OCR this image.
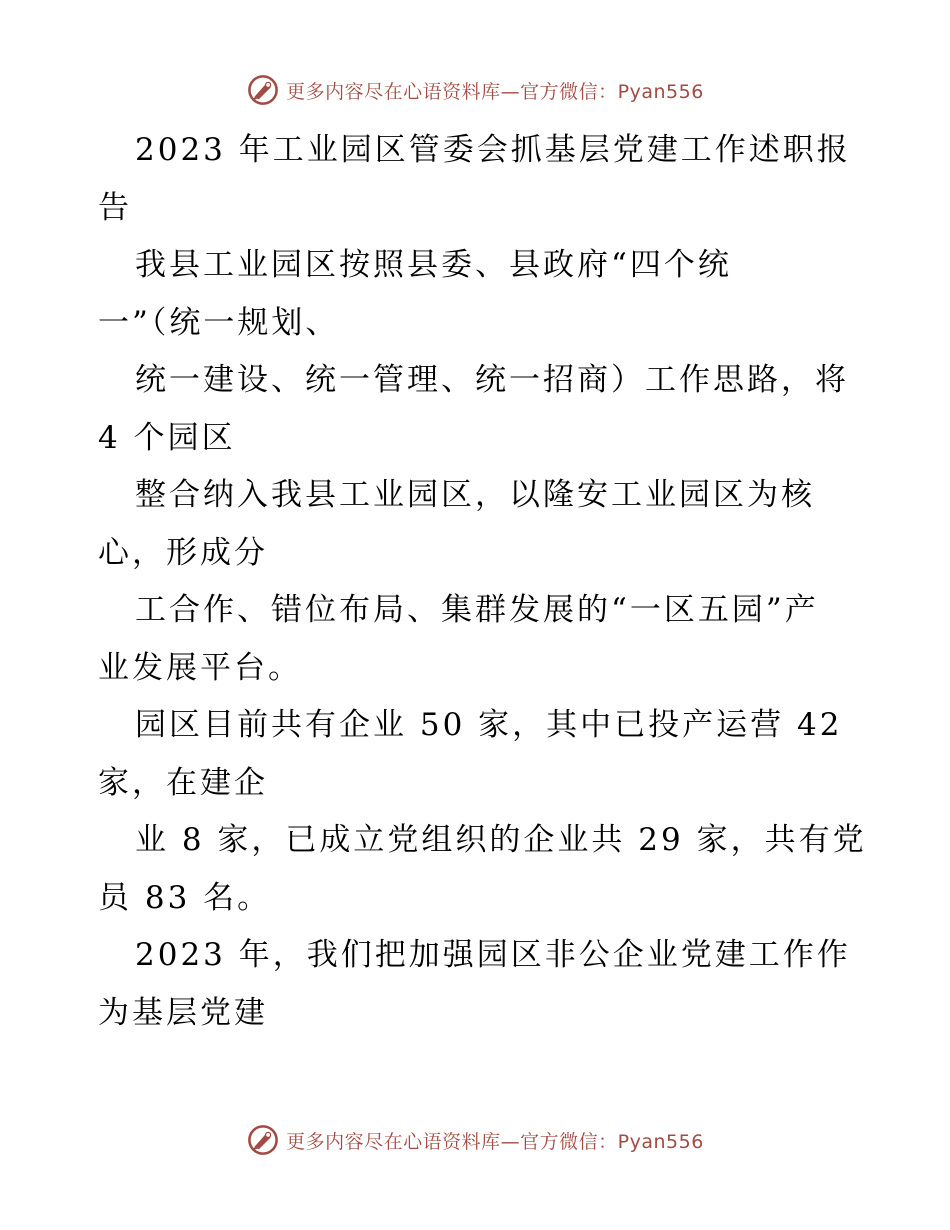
更多内容尽在心语资料库—官方微信：Pyan556
2023 年工业园区管委会抓基层党建工作述职报
告
我县工业园区按照县委、县政府“四个统
一”（统一规划、
统一建设、统一管理、统一招商）工作思路，将
4 个园区
整合纳入我县工业园区，以隆安工业园区为核
心，形成分
工合作、错位布局、集群发展的“一区五园”产
业发展平台。
园区目前共有企业 50 家，其中已投产运营 42
家，在建企
业 8 家，已成立党组织的企业共 29 家，共有党
员 83 名。
2023 年，我们把加强园区非公企业党建工作作
为基层党建
更多内容尽在心语资料库—官方微信：Pyan556
